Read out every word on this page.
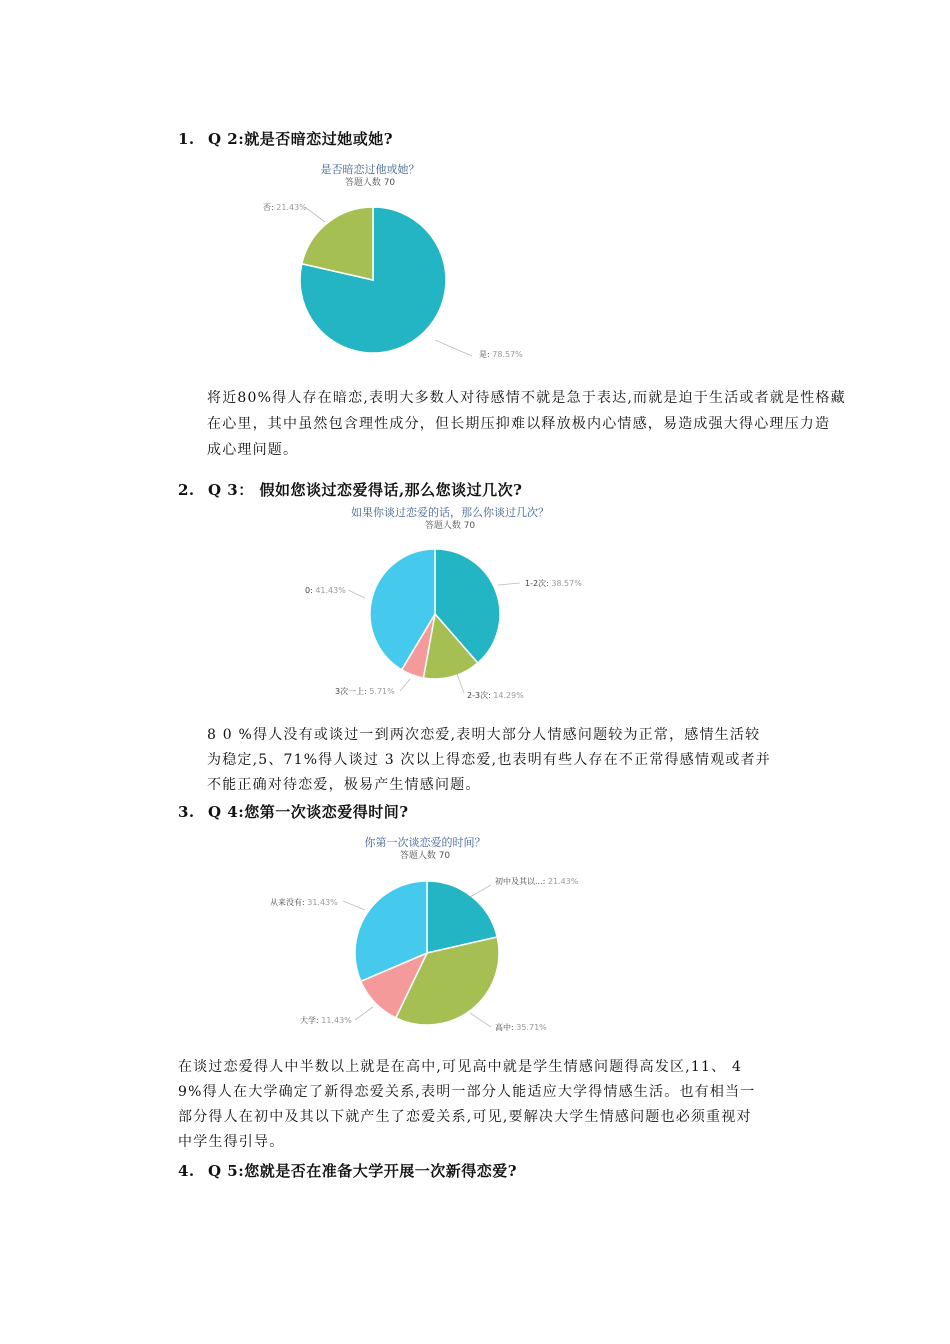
1. Q 2:就是否暗恋过她或她?
2. Q 3： 假如您谈过恋爱得话,那么您谈过几次?
3. Q 4:您第一次谈恋爱得时间?
4. Q 5:您就是否在准备大学开展一次新得恋爱?
是否暗恋过他或她？
答题人数 70
是: 78.57%
否: 21.43%
如果你谈过恋爱的话，那么你谈过几次？
答题人数 70
1-2次: 38.57%
2-3次: 14.29%
3次一上: 5.71%
0: 41.43%
你第一次谈恋爱的时间？
答题人数 70
初中及其以...: 21.43%
高中: 35.71%
大学: 11.43%
从来没有: 31.43%
将近80%得人存在暗恋,表明大多数人对待感情不就是急于表达,而就是迫于生活或者就是性格藏
在心里，其中虽然包含理性成分，但长期压抑难以释放极内心情感，易造成强大得心理压力造
成心理问题。
8 0 %得人没有或谈过一到两次恋爱,表明大部分人情感问题较为正常，感情生活较
为稳定,5、71%得人谈过 3 次以上得恋爱,也表明有些人存在不正常得感情观或者并
不能正确对待恋爱，极易产生情感问题。
在谈过恋爱得人中半数以上就是在高中,可见高中就是学生情感问题得高发区,11、 4
9%得人在大学确定了新得恋爱关系,表明一部分人能适应大学得情感生活。也有相当一
部分得人在初中及其以下就产生了恋爱关系,可见,要解决大学生情感问题也必须重视对
中学生得引导。
